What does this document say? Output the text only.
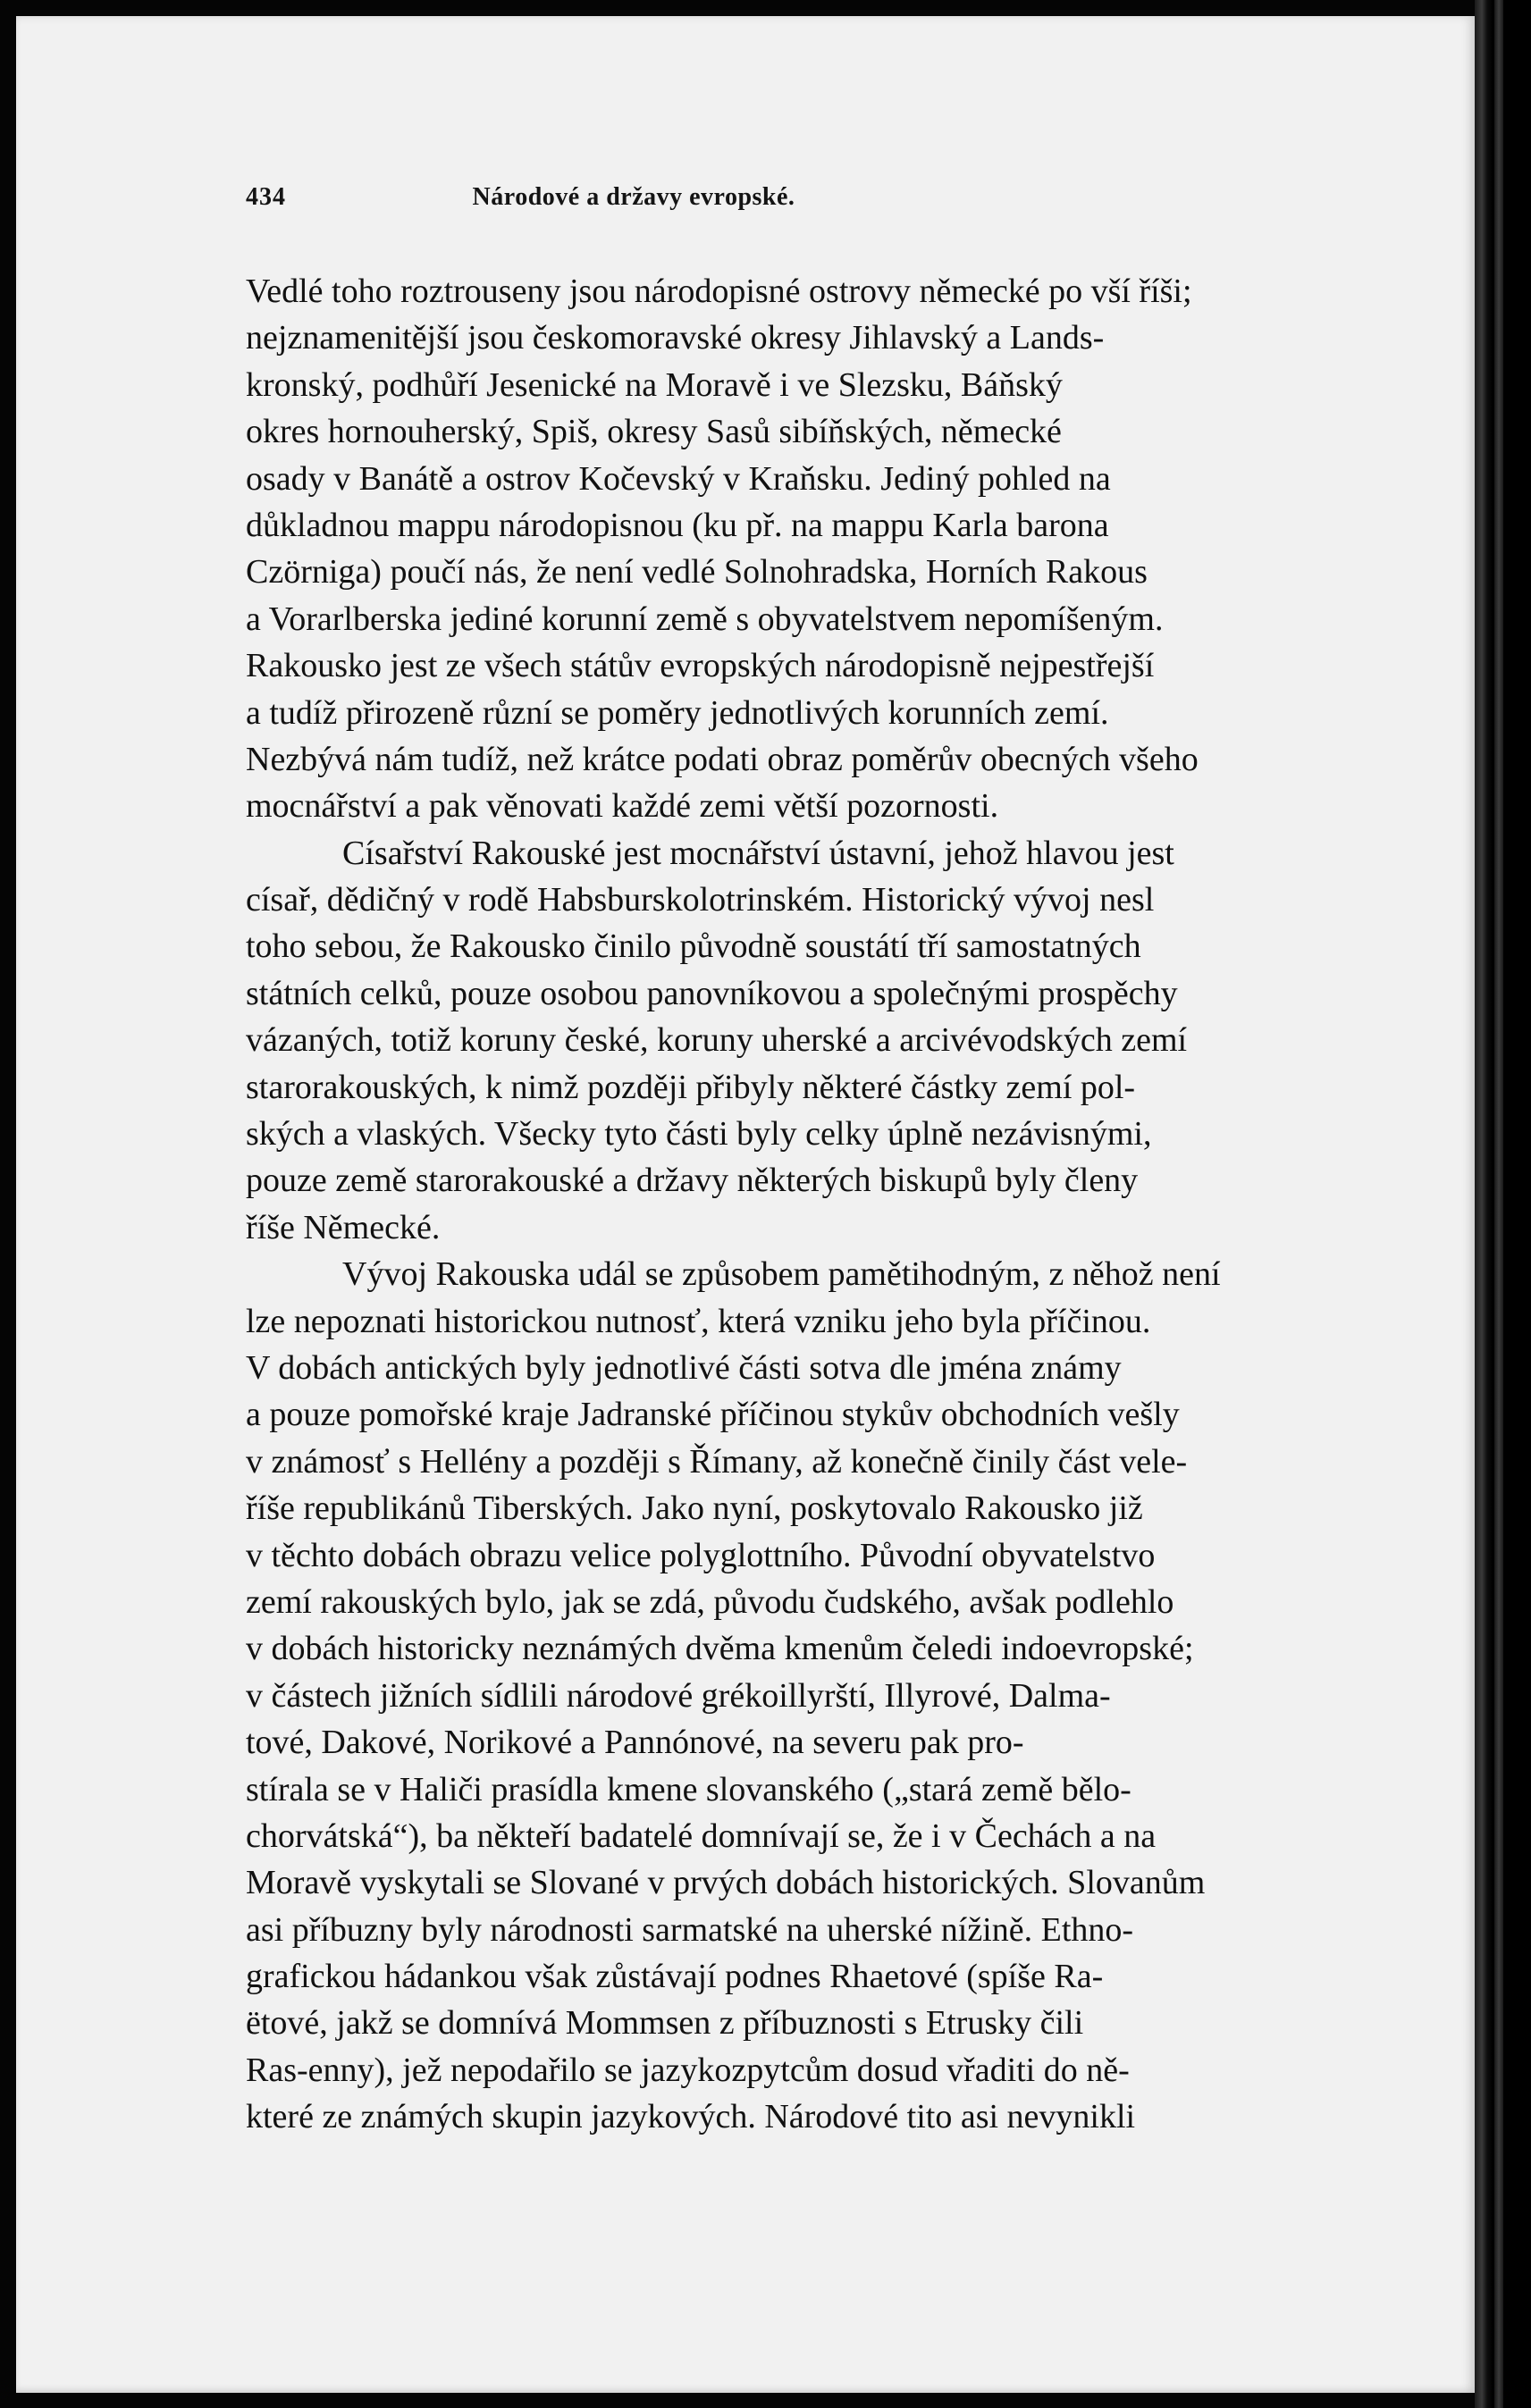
434	Národové a državy evropské.
Vedlé toho roztrouseny jsou národopisné ostrovy německé po vší říši;
nejznamenitější jsou českomoravské okresy Jihlavský a Lands-
kronský, podhůří Jesenické na Moravě i ve Slezsku, Báňský
okres hornouherský, Spiš, okresy Sasů sibíňských, německé
osady v Banátě a ostrov Kočevský v Kraňsku. Jediný pohled na
důkladnou mappu národopisnou (ku př. na mappu Karla barona
Czörniga) poučí nás, že není vedlé Solnohradska, Horních Rakous
a Vorarlberska jediné korunní země s obyvatelstvem nepomíšeným.
Rakousko jest ze všech státův evropských národopisně nejpestřejší
a tudíž přirozeně různí se poměry jednotlivých korunních zemí.
Nezbývá nám tudíž, než krátce podati obraz poměrův obecných všeho
mocnářství a pak věnovati každé zemi větší pozornosti.
Císařství Rakouské jest mocnářství ústavní, jehož hlavou jest
císař, dědičný v rodě Habsburskolotrinském. Historický vývoj nesl
toho sebou, že Rakousko činilo původně soustátí tří samostatných
státních celků, pouze osobou panovníkovou a společnými prospěchy
vázaných, totiž koruny české, koruny uherské a arcivévodských zemí
starorakouských, k nimž později přibyly některé částky zemí pol-
ských a vlaských. Všecky tyto části byly celky úplně nezávisnými,
pouze země starorakouské a državy některých biskupů byly členy
říše Německé.
Vývoj Rakouska udál se způsobem pamětihodným, z něhož není
lze nepoznati historickou nutnosť, která vzniku jeho byla příčinou.
V dobách antických byly jednotlivé části sotva dle jména známy
a pouze pomořské kraje Jadranské příčinou stykův obchodních vešly
v známosť s Hellény a později s Římany, až konečně činily část vele-
říše republikánů Tiberských. Jako nyní, poskytovalo Rakousko již
v těchto dobách obrazu velice polyglottního. Původní obyvatelstvo
zemí rakouských bylo, jak se zdá, původu čudského, avšak podlehlo
v dobách historicky neznámých dvěma kmenům čeledi indoevropské;
v částech jižních sídlili národové grékoillyrští, Illyrové, Dalma-
tové, Dakové, Norikové a Pannónové, na severu pak pro-
stírala se v Haliči prasídla kmene slovanského („stará země bělo-
chorvátská“), ba někteří badatelé domnívají se, že i v Čechách a na
Moravě vyskytali se Slované v prvých dobách historických. Slovanům
asi příbuzny byly národnosti sarmatské na uherské nížině. Ethno-
grafickou hádankou však zůstávají podnes Rhaetové (spíše Ra-
ëtové, jakž se domnívá Mommsen z příbuznosti s Etrusky čili
Ras-enny), jež nepodařilo se jazykozpytcům dosud vřaditi do ně-
které ze známých skupin jazykových. Národové tito asi nevynikli
